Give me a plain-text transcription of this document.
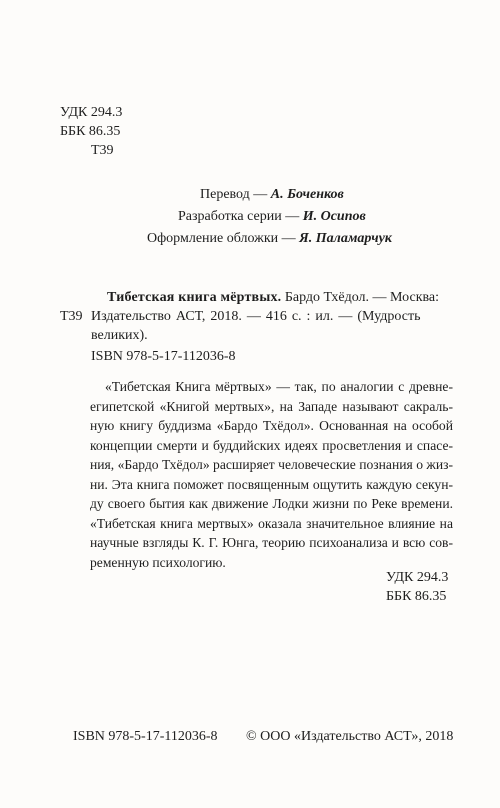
УДК 294.3
ББК 86.35
Т39
Перевод — А. Боченков
Разработка серии — И. Осипов
Оформление обложки — Я. Паламарчук
Тибетская книга мёртвых. Бардо Тхёдол. — Москва:
Т39 Издательство АСТ, 2018. — 416 с. : ил. — (Мудрость
великих).
ISBN 978-5-17-112036-8
«Тибетская Книга мёртвых» — так, по аналогии с древне-
египетской «Книгой мертвых», на Западе называют сакраль-
ную книгу буддизма «Бардо Тхёдол». Основанная на особой
концепции смерти и буддийских идеях просветления и спасе-
ния, «Бардо Тхёдол» расширяет человеческие познания о жиз-
ни. Эта книга поможет посвященным ощутить каждую секун-
ду своего бытия как движение Лодки жизни по Реке времени.
«Тибетская книга мертвых» оказала значительное влияние на
научные взгляды К. Г. Юнга, теорию психоанализа и всю сов-
ременную психологию.
УДК 294.3
ББК 86.35
ISBN 978-5-17-112036-8 © ООО «Издательство АСТ», 2018
